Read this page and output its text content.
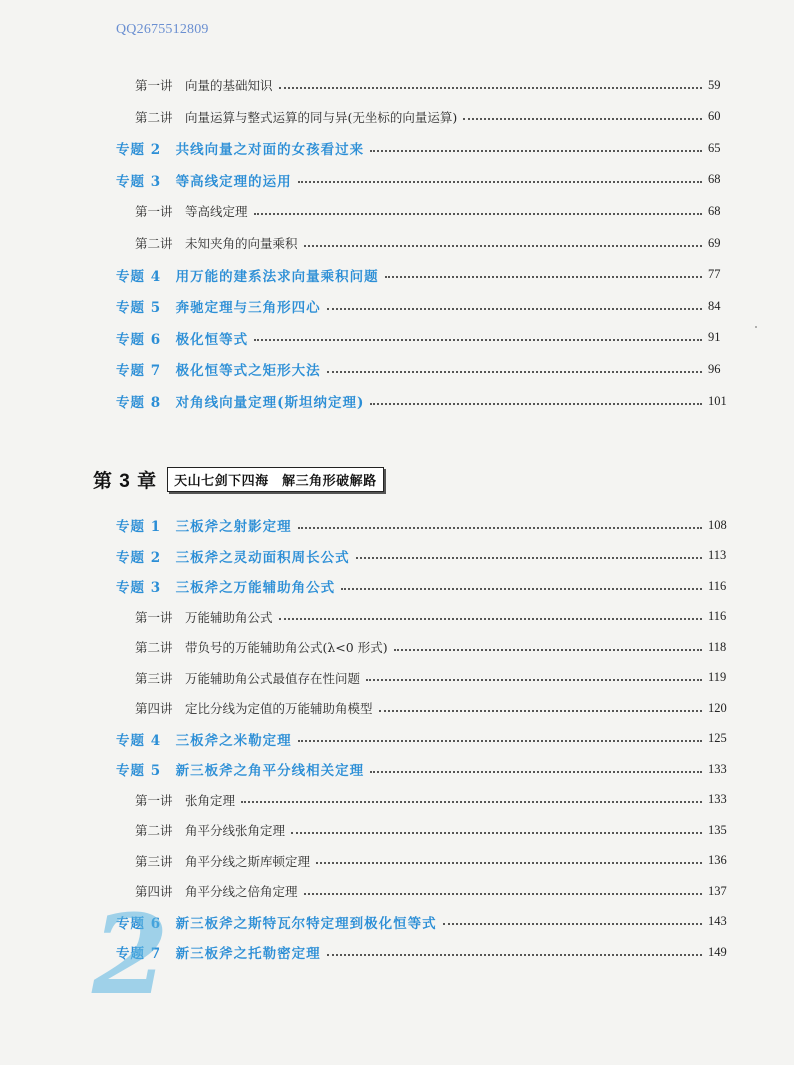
QQ2675512809
第一讲　向量的基础知识	59
第二讲　向量运算与整式运算的同与异(无坐标的向量运算)	60
专题 2　共线向量之对面的女孩看过来	65
专题 3　等高线定理的运用	68
第一讲　等高线定理	68
第二讲　未知夹角的向量乘积	69
专题 4　用万能的建系法求向量乘积问题	77
专题 5　奔驰定理与三角形四心	84
专题 6　极化恒等式	91
专题 7　极化恒等式之矩形大法	96
专题 8　对角线向量定理(斯坦纳定理)	101
第 3 章	天山七剑下四海　解三角形破解路
专题 1　三板斧之射影定理	108
专题 2　三板斧之灵动面积周长公式	113
专题 3　三板斧之万能辅助角公式	116
第一讲　万能辅助角公式	116
第二讲　带负号的万能辅助角公式(λ<0 形式)	118
第三讲　万能辅助角公式最值存在性问题	119
第四讲　定比分线为定值的万能辅助角模型	120
专题 4　三板斧之米勒定理	125
专题 5　新三板斧之角平分线相关定理	133
第一讲　张角定理	133
第二讲　角平分线张角定理	135
第三讲　角平分线之斯库顿定理	136
第四讲　角平分线之倍角定理	137
专题 6　新三板斧之斯特瓦尔特定理到极化恒等式	143
专题 7　新三板斧之托勒密定理	149
2
